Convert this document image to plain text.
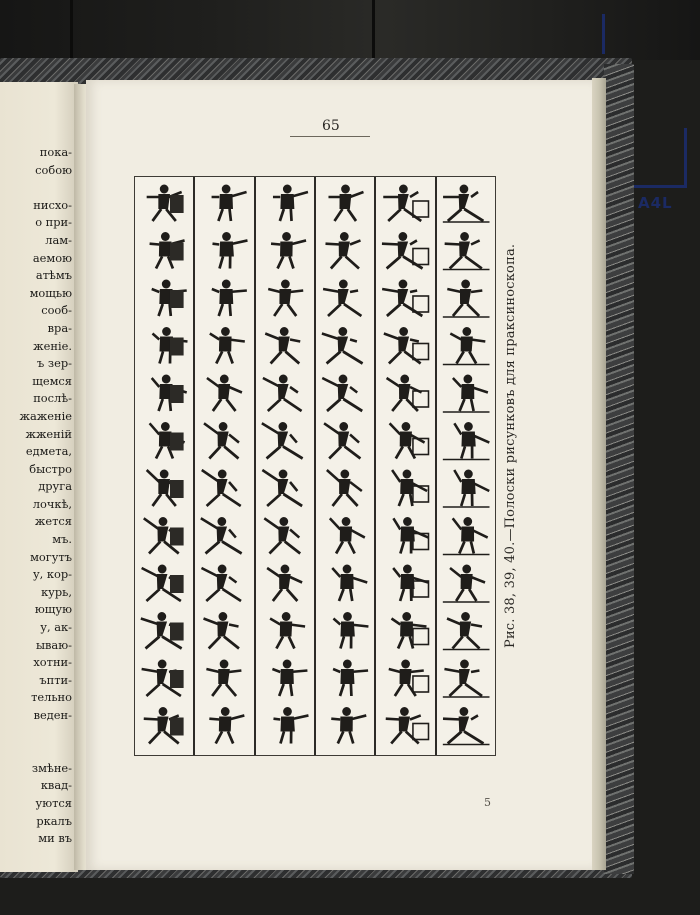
пока-
собою
нисхо-
о при-
лам-
аемою
атѣмъ
мощью
сооб-
вра-
женіе.
ъ зер-
щемся
послѣ-
жаженіе
жженій
едмета,
быстро
друга
лочкѣ,
жется
мъ.
могутъ
у, кор-
курь,
ющую
у, ак-
ываю-
хотни-
ъпти-
тельно
веден-
змѣне-
квад-
уются
ркалъ
ми въ
65
5
Рис. 38, 39, 40.—Полоски рисунковъ для праксиноскопа.
A4L
